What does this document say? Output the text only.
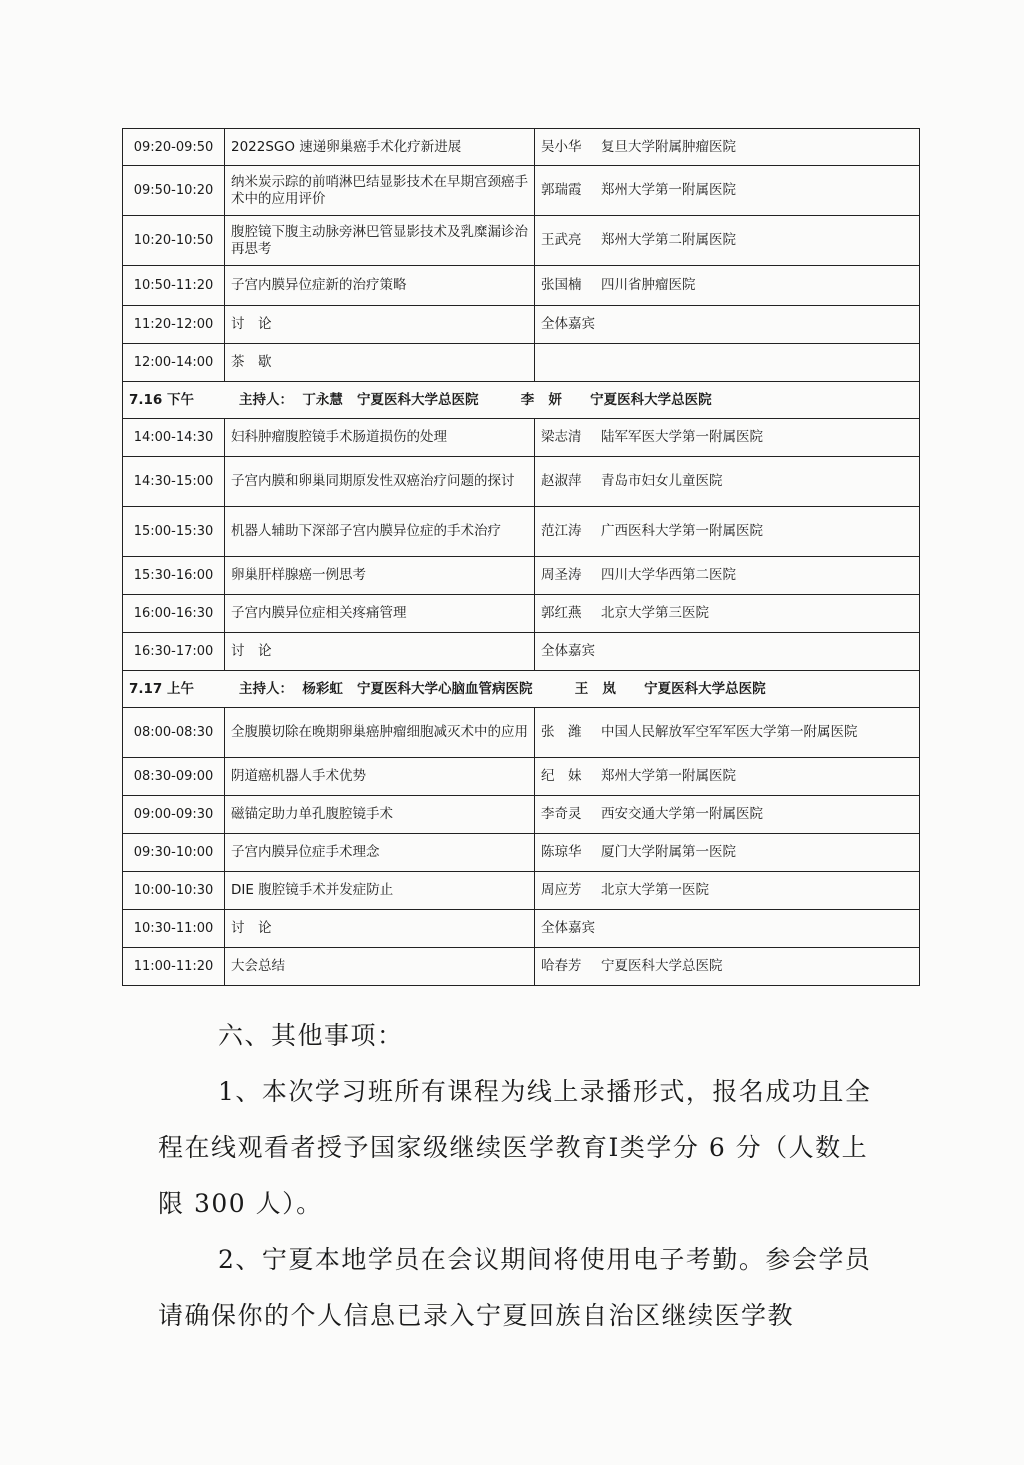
09:20-09:50	2022SGO 速递卵巢癌手术化疗新进展	吴小华 复旦大学附属肿瘤医院
09:50-10:20	纳米炭示踪的前哨淋巴结显影技术在早期宫颈癌手术中的应用评价	郭瑞霞 郑州大学第一附属医院
10:20-10:50	腹腔镜下腹主动脉旁淋巴管显影技术及乳糜漏诊治再思考	王武亮 郑州大学第二附属医院
10:50-11:20	子宫内膜异位症新的治疗策略	张国楠 四川省肿瘤医院
11:20-12:00	讨　论	全体嘉宾
12:00-14:00	茶　歇	
7.16 下午 主持人：  丁永慧   宁夏医科大学总医院         李   妍      宁夏医科大学总医院		
14:00-14:30	妇科肿瘤腹腔镜手术肠道损伤的处理	梁志清 陆军军医大学第一附属医院
14:30-15:00	子宫内膜和卵巢同期原发性双癌治疗问题的探讨	赵淑萍 青岛市妇女儿童医院
15:00-15:30	机器人辅助下深部子宫内膜异位症的手术治疗	范江涛 广西医科大学第一附属医院
15:30-16:00	卵巢肝样腺癌一例思考	周圣涛 四川大学华西第二医院
16:00-16:30	子宫内膜异位症相关疼痛管理	郭红燕 北京大学第三医院
16:30-17:00	讨　论	全体嘉宾
7.17 上午 主持人：  杨彩虹   宁夏医科大学心脑血管病医院         王   岚      宁夏医科大学总医院		
08:00-08:30	全腹膜切除在晚期卵巢癌肿瘤细胞减灭术中的应用	张　潍 中国人民解放军空军军医大学第一附属医院
08:30-09:00	阴道癌机器人手术优势	纪　妹 郑州大学第一附属医院
09:00-09:30	磁锚定助力单孔腹腔镜手术	李奇灵 西安交通大学第一附属医院
09:30-10:00	子宫内膜异位症手术理念	陈琼华 厦门大学附属第一医院
10:00-10:30	DIE 腹腔镜手术并发症防止	周应芳 北京大学第一医院
10:30-11:00	讨　论	全体嘉宾
11:00-11:20	大会总结	哈春芳 宁夏医科大学总医院
六、其他事项：

1、本次学习班所有课程为线上录播形式，报名成功且全程在线观看者授予国家级继续医学教育Ⅰ类学分 6 分（人数上限 300 人）。

2、宁夏本地学员在会议期间将使用电子考勤。参会学员请确保你的个人信息已录入宁夏回族自治区继续医学教
